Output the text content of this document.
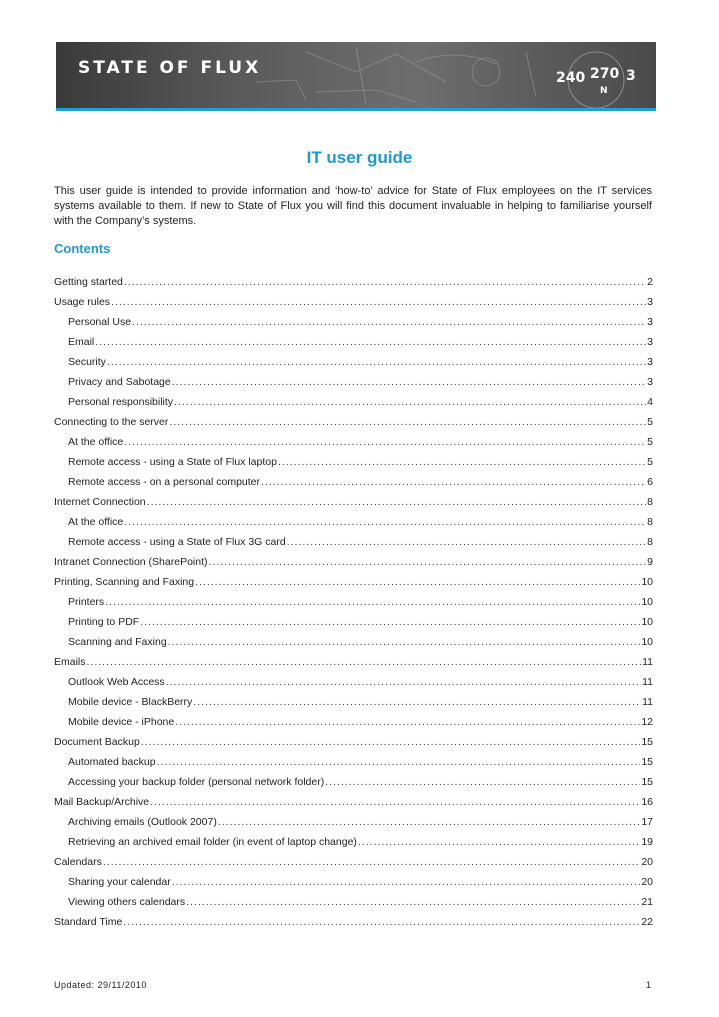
STATE OF FLUX	240 270 3
N
IT user guide

This user guide is intended to provide information and ‘how-to’ advice for State of Flux employees on the IT services systems available to them. If new to State of Flux you will find this document invaluable in helping to familiarise yourself with the Company’s systems.

Contents
Getting started .....	2
Usage rules .....	3
Personal Use .....	3
Email .....	3
Security .....	3
Privacy and Sabotage .....	3
Personal responsibility .....	4
Connecting to the server .....	5
At the office .....	5
Remote access - using a State of Flux laptop .....	5
Remote access - on a personal computer .....	6
Internet Connection .....	8
At the office .....	8
Remote access - using a State of Flux 3G card .....	8
Intranet Connection (SharePoint) .....	9
Printing, Scanning and Faxing .....	10
Printers .....	10
Printing to PDF .....	10
Scanning and Faxing .....	10
Emails .....	11
Outlook Web Access .....	11
Mobile device - BlackBerry .....	11
Mobile device - iPhone .....	12
Document Backup .....	15
Automated backup .....	15
Accessing your backup folder (personal network folder) .....	15
Mail Backup/Archive .....	16
Archiving emails (Outlook 2007) .....	17
Retrieving an archived email folder (in event of laptop change) .....	19
Calendars .....	20
Sharing your calendar .....	20
Viewing others calendars .....	21
Standard Time .....	22
Updated: 29/11/2010	1
